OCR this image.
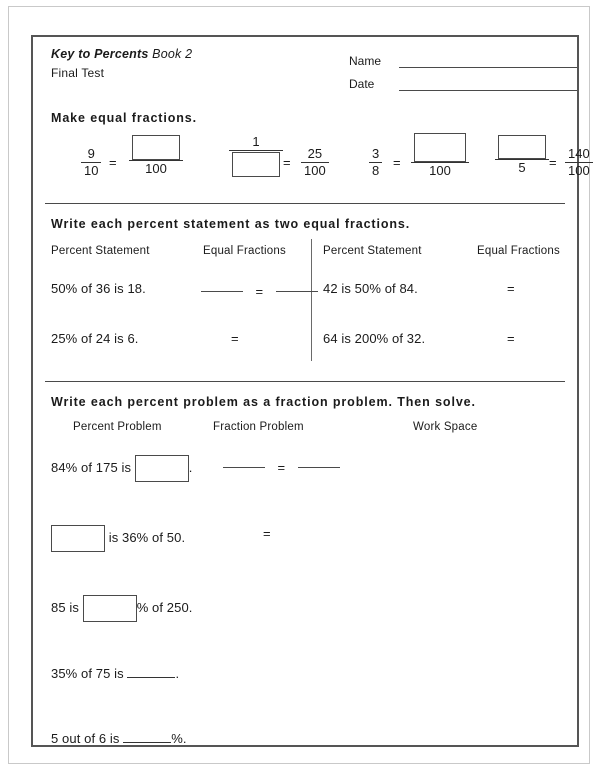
Key to Percents Book 2
Final Test
Name
Date
Make equal fractions.
$\frac{9}{10}$ =	100
1
= $\frac{25}{100}$	$\frac{3}{8}$ =
100	5	= $\frac{140}{100}$
Write each percent statement as two equal fractions.
Percent Statement	Equal Fractions	Percent Statement	Equal Fractions
50% of 36 is 18.	=
25% of 24 is 6.	=
42 is 50% of 84.	=
64 is 200% of 32.	=
Write each percent problem as a fraction problem. Then solve.
Percent Problem	Fraction Problem	Work Space
84% of 175 is	.	=
is 36% of 50.	=
85 is	% of 250.
35% of 75 is	.
5 out of 6 is	%.
